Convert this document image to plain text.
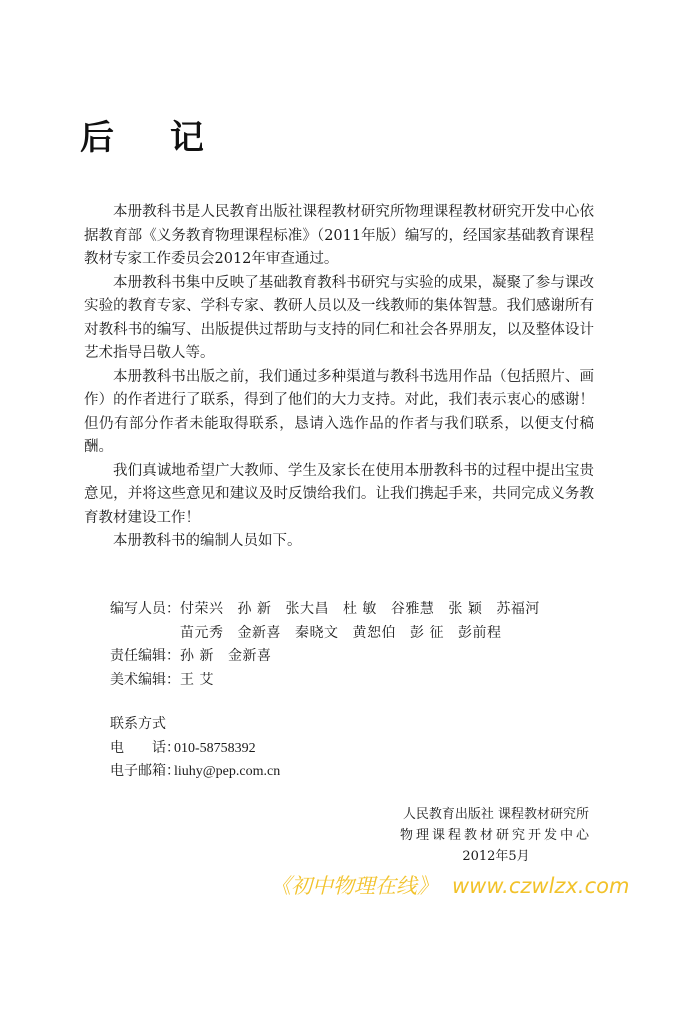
后 记

本册教科书是人民教育出版社课程教材研究所物理课程教材研究开发中心依据教育部《义务教育物理课程标准》（2011年版）编写的，经国家基础教育课程教材专家工作委员会2012年审查通过。

本册教科书集中反映了基础教育教科书研究与实验的成果，凝聚了参与课改实验的教育专家、学科专家、教研人员以及一线教师的集体智慧。我们感谢所有对教科书的编写、出版提供过帮助与支持的同仁和社会各界朋友，以及整体设计艺术指导吕敬人等。

本册教科书出版之前，我们通过多种渠道与教科书选用作品（包括照片、画作）的作者进行了联系，得到了他们的大力支持。对此，我们表示衷心的感谢！但仍有部分作者未能取得联系，恳请入选作品的作者与我们联系，以便支付稿酬。

我们真诚地希望广大教师、学生及家长在使用本册教科书的过程中提出宝贵意见，并将这些意见和建议及时反馈给我们。让我们携起手来，共同完成义务教育教材建设工作！

本册教科书的编制人员如下。

编写人员： 付荣兴 孙 新 张大昌 杜 敏 谷雅慧 张 颖 苏福河
苗元秀 金新喜 秦晓文 黄恕伯 彭 征 彭前程
责任编辑： 孙 新 金新喜
美术编辑： 王 艾
联系方式
电　　话：
010-58758392
电子邮箱：
liuhy@pep.com.cn
人民教育出版社 课程教材研究所
物理课程教材研究开发中心
2012年5月
《初中物理在线》 www.czwlzx.com
